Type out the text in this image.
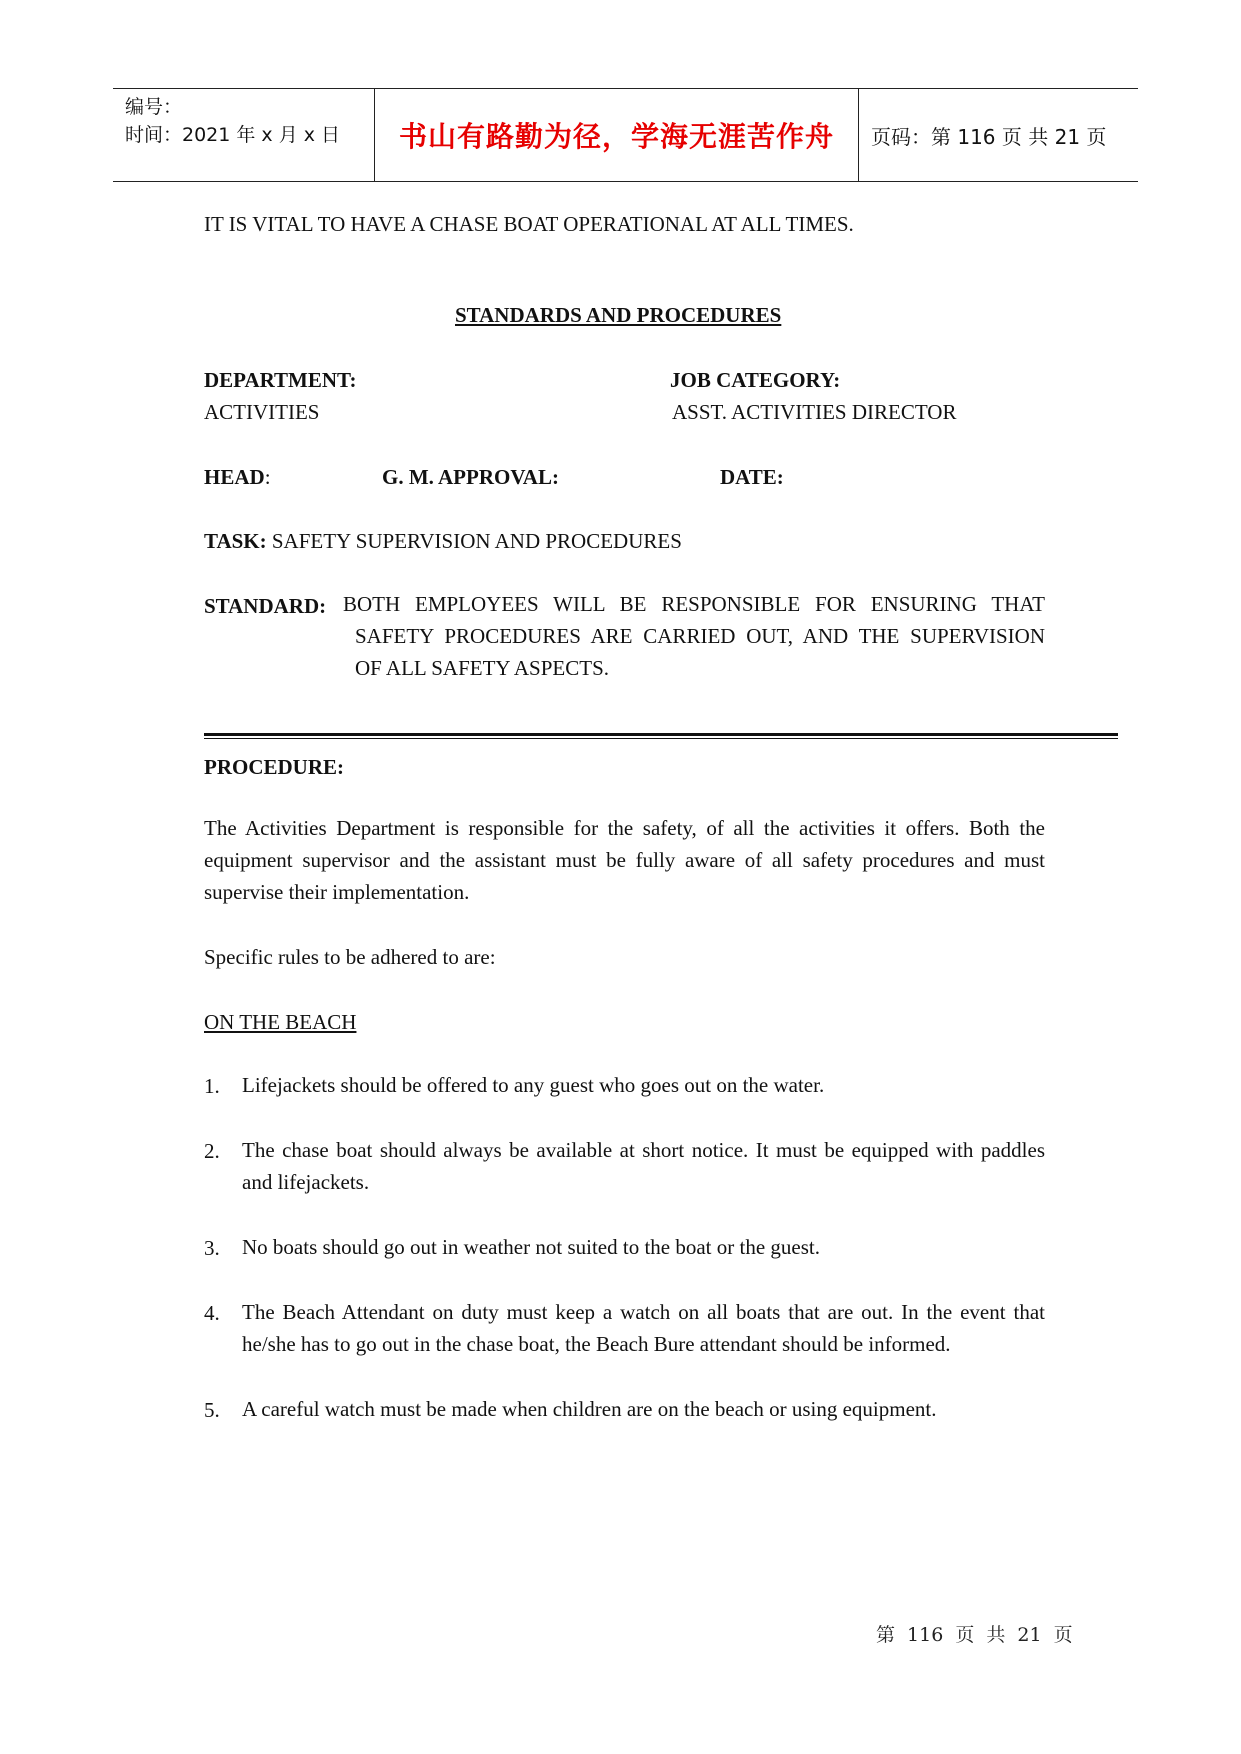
编号：
时间：2021 年 x 月 x 日	书山有路勤为径，学海无涯苦作舟	页码：第 116 页 共 21 页
IT IS VITAL TO HAVE A CHASE BOAT OPERATIONAL AT ALL TIMES.
STANDARDS AND PROCEDURES
DEPARTMENT:
ACTIVITIES
JOB CATEGORY:
ASST. ACTIVITIES DIRECTOR
HEAD:	G. M. APPROVAL:	DATE:
TASK: SAFETY SUPERVISION AND PROCEDURES
STANDARD: BOTH EMPLOYEES WILL BE RESPONSIBLE FOR ENSURING THAT
SAFETY PROCEDURES ARE CARRIED OUT, AND THE SUPERVISION
OF ALL SAFETY ASPECTS.
PROCEDURE:
The Activities Department is responsible for the safety, of all the activities it offers. Both the equipment supervisor and the assistant must be fully aware of all safety procedures and must supervise their implementation.
Specific rules to be adhered to are:
ON THE BEACH
1. Lifejackets should be offered to any guest who goes out on the water.
2. The chase boat should always be available at short notice. It must be equipped with paddles and lifejackets.
3. No boats should go out in weather not suited to the boat or the guest.
4. The Beach Attendant on duty must keep a watch on all boats that are out. In the event that he/she has to go out in the chase boat, the Beach Bure attendant should be informed.
5. A careful watch must be made when children are on the beach or using equipment.
第 116 页 共 21 页
